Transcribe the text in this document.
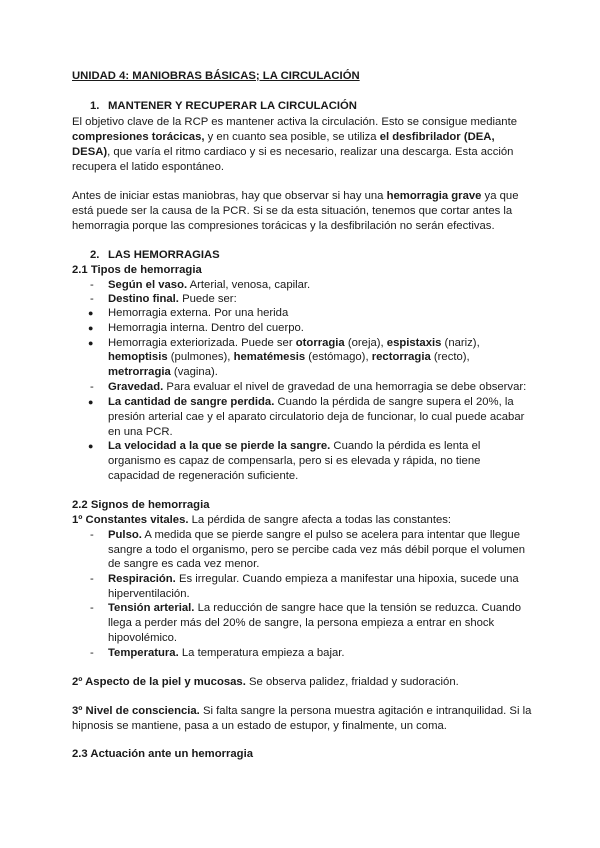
UNIDAD 4: MANIOBRAS BÁSICAS; LA CIRCULACIÓN
1. MANTENER Y RECUPERAR LA CIRCULACIÓN
El objetivo clave de la RCP es mantener activa la circulación. Esto se consigue mediante
compresiones torácicas, y en cuanto sea posible, se utiliza el desfibrilador (DEA,
DESA), que varía el ritmo cardiaco y si es necesario, realizar una descarga. Esta acción
recupera el latido espontáneo.
Antes de iniciar estas maniobras, hay que observar si hay una hemorragia grave ya que
está puede ser la causa de la PCR. Si se da esta situación, tenemos que cortar antes la
hemorragia porque las compresiones torácicas y la desfibrilación no serán efectivas.
2. LAS HEMORRAGIAS
2.1 Tipos de hemorragia
- Según el vaso. Arterial, venosa, capilar.
- Destino final. Puede ser:
● Hemorragia externa. Por una herida
● Hemorragia interna. Dentro del cuerpo.
● Hemorragia exteriorizada. Puede ser otorragia (oreja), espistaxis (nariz),
hemoptisis (pulmones), hematémesis (estómago), rectorragia (recto),
metrorragia (vagina).
- Gravedad. Para evaluar el nivel de gravedad de una hemorragia se debe observar:
● La cantidad de sangre perdida. Cuando la pérdida de sangre supera el 20%, la
presión arterial cae y el aparato circulatorio deja de funcionar, lo cual puede acabar
en una PCR.
● La velocidad a la que se pierde la sangre. Cuando la pérdida es lenta el
organismo es capaz de compensarla, pero si es elevada y rápida, no tiene
capacidad de regeneración suficiente.
2.2 Signos de hemorragia
1º Constantes vitales. La pérdida de sangre afecta a todas las constantes:
- Pulso. A medida que se pierde sangre el pulso se acelera para intentar que llegue
sangre a todo el organismo, pero se percibe cada vez más débil porque el volumen
de sangre es cada vez menor.
- Respiración. Es irregular. Cuando empieza a manifestar una hipoxia, sucede una
hiperventilación.
- Tensión arterial. La reducción de sangre hace que la tensión se reduzca. Cuando
llega a perder más del 20% de sangre, la persona empieza a entrar en shock
hipovolémico.
- Temperatura. La temperatura empieza a bajar.
2º Aspecto de la piel y mucosas. Se observa palidez, frialdad y sudoración.
3º Nivel de consciencia. Si falta sangre la persona muestra agitación e intranquilidad. Si la
hipnosis se mantiene, pasa a un estado de estupor, y finalmente, un coma.
2.3 Actuación ante un hemorragia
